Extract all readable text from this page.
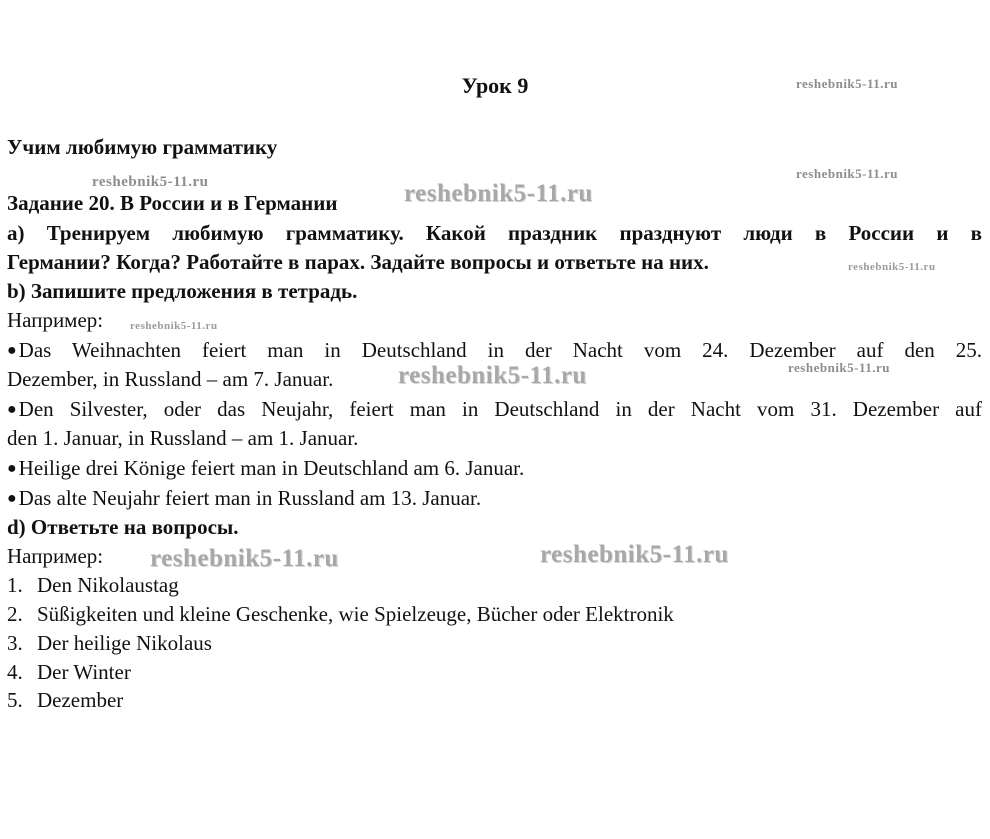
reshebnik5-11.ru
reshebnik5-11.ru
reshebnik5-11.ru	reshebnik5-11.ru
reshebnik5-11.ru
reshebnik5-11.ru
reshebnik5-11.ru	reshebnik5-11.ru
reshebnik5-11.ru	reshebnik5-11.ru
Урок 9
Учим любимую грамматику
Задание 20. В России и в Германии
a) Тренируем любимую грамматику. Какой праздник празднуют люди в России и в
Германии? Когда? Работайте в парах. Задайте вопросы и ответьте на них.
b) Запишите предложения в тетрадь.
Например:
●Das Weihnachten feiert man in Deutschland in der Nacht vom 24. Dezember auf den 25.
Dezember, in Russland – am 7. Januar.
●Den Silvester, oder das Neujahr, feiert man in Deutschland in der Nacht vom 31. Dezember auf
den 1. Januar, in Russland – am 1. Januar.
●Heilige drei Könige feiert man in Deutschland am 6. Januar.
●Das alte Neujahr feiert man in Russland am 13. Januar.
d) Ответьте на вопросы.
Например:
1. Den Nikolaustag
2. Süßigkeiten und kleine Geschenke, wie Spielzeuge, Bücher oder Elektronik
3. Der heilige Nikolaus
4. Der Winter
5. Dezember
